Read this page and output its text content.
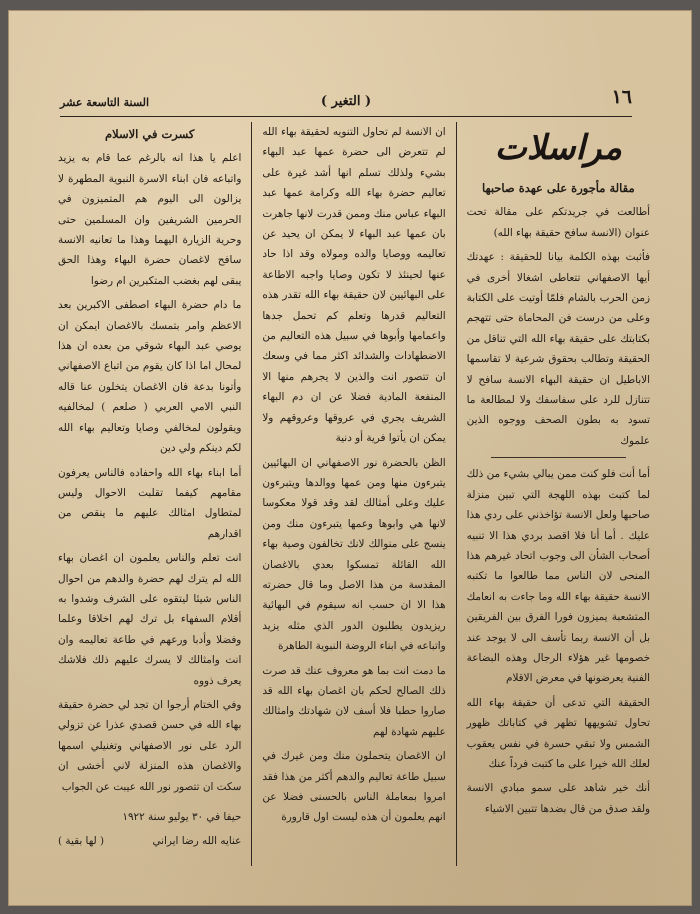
١٦
( التغير )
السنة التاسعة عشر
مراسلات
مقالة مأجورة على عهدة صاحبها

أطالعت في جريدتكم على مقالة تحت عنوان (الانسة سافح حقيقة بهاء الله)

فأثبت بهذه الكلمة بيانا للحقيقة : عهدتك أيها الاصفهاني تتعاطى اشغالا أخرى في زمن الحرب بالشام فلمّا أوتيت على الكتابة وعلى من درست فن المحاماة حتى تتهجم بكتابتك على حقيقة بهاء الله التي تناقل من الحقيقة وتطالب بحقوق شرعية لا تقاسمها الاباطيل ان حقيقة البهاء الانسة سافح لا تتنازل للرد على سفاسفك ولا لمطالعة ما تسود به بطون الصحف ووجوه الذين علموك

أما أنت فلو كنت ممن يبالي بشيء من ذلك لما كتبت بهذه اللهجة التي تبين منزلة صاحبها ولعل الانسة تؤاخذني على ردي هذا عليك . أما أنا فلا اقصد بردي هذا الا تنبيه أصحاب الشأن الى وجوب اتحاد غيرهم هذا المنحى لان الناس مما طالعوا ما تكتبه الانسة حقيقة بهاء الله وما جاءت به انعامك المتشعبة يميزون فورا الفرق بين الفريقين بل أن الانسة ربما تأسف الى لا يوجد عند خصومها غير هؤلاء الرجال وهذه البضاعة الفنية يعرضونها في معرض الاقلام

الحقيقة التي تدعى أن حقيقة بهاء الله تحاول تشويهها تظهر في كتاباتك ظهور الشمس ولا تبقي حسرة في نفس يعقوب لعلك الله خيرا على ما كتبت فرداً عنك

أنك خير شاهد على سمو مبادي الانسة ولقد صدق من قال بضدها تتبين الاشياء

ان الانسة لم تحاول التنويه لحقيقة بهاء الله لم تتعرض الى حضرة عمها عبد البهاء بشيء ولذلك تسلم انها أشد غيرة على تعاليم حضرة بهاء الله وكرامة عمها عبد البهاء عباس منك وممن قدرت لانها جاهرت بان عمها عبد البهاء لا يمكن ان يحيد عن تعاليمه ووصايا والده ومولاه وقد اذا حاد عنها لحينئذ لا تكون وصايا واجبه الاطاعة على البهائيين لان حقيقة بهاء الله تقدر هذه التعاليم قدرها وتعلم كم تحمل جدها واعمامها وأبوها في سبيل هذه التعاليم من الاضطهادات والشدائد اكثر مما في وسعك ان تتصور انت والذين لا يجرهم منها الا المنفعة المادية فضلا عن ان دم البهاء الشريف يجري في عروقها وعروقهم ولا يمكن ان يأتوا فرية أو دنية

الظن بالحضرة نور الاصفهاني ان البهائيين يتبرءون منها ومن عمها ووالدها ويتبرءون عليك وعلى أمثالك لقد وقد قولا معكوسا لانها هي وابوها وعمها يتبرءون منك ومن ينسج على منوالك لانك تخالفون وصية بهاء الله القائلة تمسكوا بعدي بالاغصان المقدسة من هذا الاصل وما قال حضرته هذا الا ان حسب انه سيقوم في البهائية ريزيدون يطلبون الدور الذي مثله يزيد واتباعه في ابناء الروضة النبوية الطاهرة

ما دمت انت بما هو معروف عنك قد صرت ذلك الصالح لحكم بان اغصان بهاء الله قد صاروا حطبا فلا أسف لان شهادتك وامثالك عليهم شهادة لهم

ان الاغصان يتحملون منك ومن غيرك في سبيل طاعة تعاليم والدهم أكثر من هذا فقد امروا بمعاملة الناس بالحسنى فضلا عن انهم يعلمون أن هذه ليست اول قارورة

كسرت في الاسلام

اعلم يا هذا انه بالرغم عما قام به يزيد واتباعه فان ابناء الاسرة النبوية المطهرة لا يزالون الى اليوم هم المتميزون في الحرمين الشريفين وان المسلمين حتى وحرية الزيارة اليهما وهذا ما تعانيه الانسة سافح لاغصان حضرة البهاء وهذا الحق يبقى لهم بغضب المتكبرين ام رضوا

ما دام حضرة البهاء اصطفى الاكبرين بعد الاعظم وامر بتمسك بالاغصان ايمكن ان يوصي عبد البهاء شوقي من بعده ان هذا لمحال اما اذا كان يقوم من اتباع الاصفهاني وأتونا بدعة فان الاغصان يتخلون عنا قاله النبي الامي العربي ( صلعم ) لمخالفيه ويقولون لمخالفي وصايا وتعاليم بهاء الله لكم دينكم ولي دين

أما ابناء بهاء الله واحفاده فالناس يعرفون مقامهم كيفما تقلبت الاحوال وليس لمتطاول امثالك عليهم ما ينقص من اقدارهم

انت تعلم والناس يعلمون ان اغصان بهاء الله لم يترك لهم حضرة والدهم من احوال الناس شيئا ليتقوه على الشرف وشدوا به أقلام السفهاء بل ترك لهم اخلاقا وعلما وفضلا وأدبا ورعهم في طاعة تعاليمه وان انت وامثالك لا يسرك عليهم ذلك فلاشك يعرف ذووه

وفي الختام أرجوا ان تجد لي حضرة حقيقة بهاء الله في حسن قصدي عذرا عن تزولي الرد على نور الاصفهاني وتغنيلي اسمها والاغصان هذه المنزلة لاني أخشى ان سكت ان تتصور نور الله عيبت عن الجواب

حيفا في ٣٠ يوليو سنة ١٩٢٢
عنايه الله رضا ايراني
( لها بقية )
